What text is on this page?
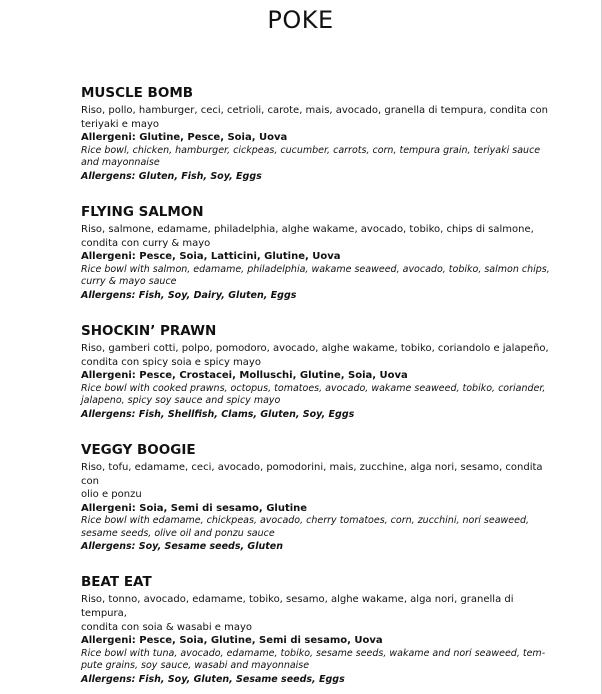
POKE
MUSCLE BOMB
Riso, pollo, hamburger, ceci, cetrioli, carote, mais, avocado, granella di tempura, condita con
teriyaki e mayo
Allergeni: Glutine, Pesce, Soia, Uova
Rice bowl, chicken, hamburger, cickpeas, cucumber, carrots, corn, tempura grain, teriyaki sauce
and mayonnaise
Allergens: Gluten, Fish, Soy, Eggs
FLYING SALMON
Riso, salmone, edamame, philadelphia, alghe wakame, avocado, tobiko, chips di salmone,
condita con curry & mayo
Allergeni: Pesce, Soia, Latticini, Glutine, Uova
Rice bowl with salmon, edamame, philadelphia, wakame seaweed, avocado, tobiko, salmon chips,
curry & mayo sauce
Allergens: Fish, Soy, Dairy, Gluten, Eggs
SHOCKIN’ PRAWN
Riso, gamberi cotti, polpo, pomodoro, avocado, alghe wakame, tobiko, coriandolo e jalapeño,
condita con spicy soia e spicy mayo
Allergeni: Pesce, Crostacei, Molluschi, Glutine, Soia, Uova
Rice bowl with cooked prawns, octopus, tomatoes, avocado, wakame seaweed, tobiko, coriander,
jalapeno, spicy soy sauce and spicy mayo
Allergens: Fish, Shellfish, Clams, Gluten, Soy, Eggs
VEGGY BOOGIE
Riso, tofu, edamame, ceci, avocado, pomodorini, mais, zucchine, alga nori, sesamo, condita con
olio e ponzu
Allergeni: Soia, Semi di sesamo, Glutine
Rice bowl with edamame, chickpeas, avocado, cherry tomatoes, corn, zucchini, nori seaweed,
sesame seeds, olive oil and ponzu sauce
Allergens: Soy, Sesame seeds, Gluten
BEAT EAT
Riso, tonno, avocado, edamame, tobiko, sesamo, alghe wakame, alga nori, granella di tempura,
condita con soia & wasabi e mayo
Allergeni: Pesce, Soia, Glutine, Semi di sesamo, Uova
Rice bowl with tuna, avocado, edamame, tobiko, sesame seeds, wakame and nori seaweed, tem-
pute grains, soy sauce, wasabi and mayonnaise
Allergens: Fish, Soy, Gluten, Sesame seeds, Eggs
